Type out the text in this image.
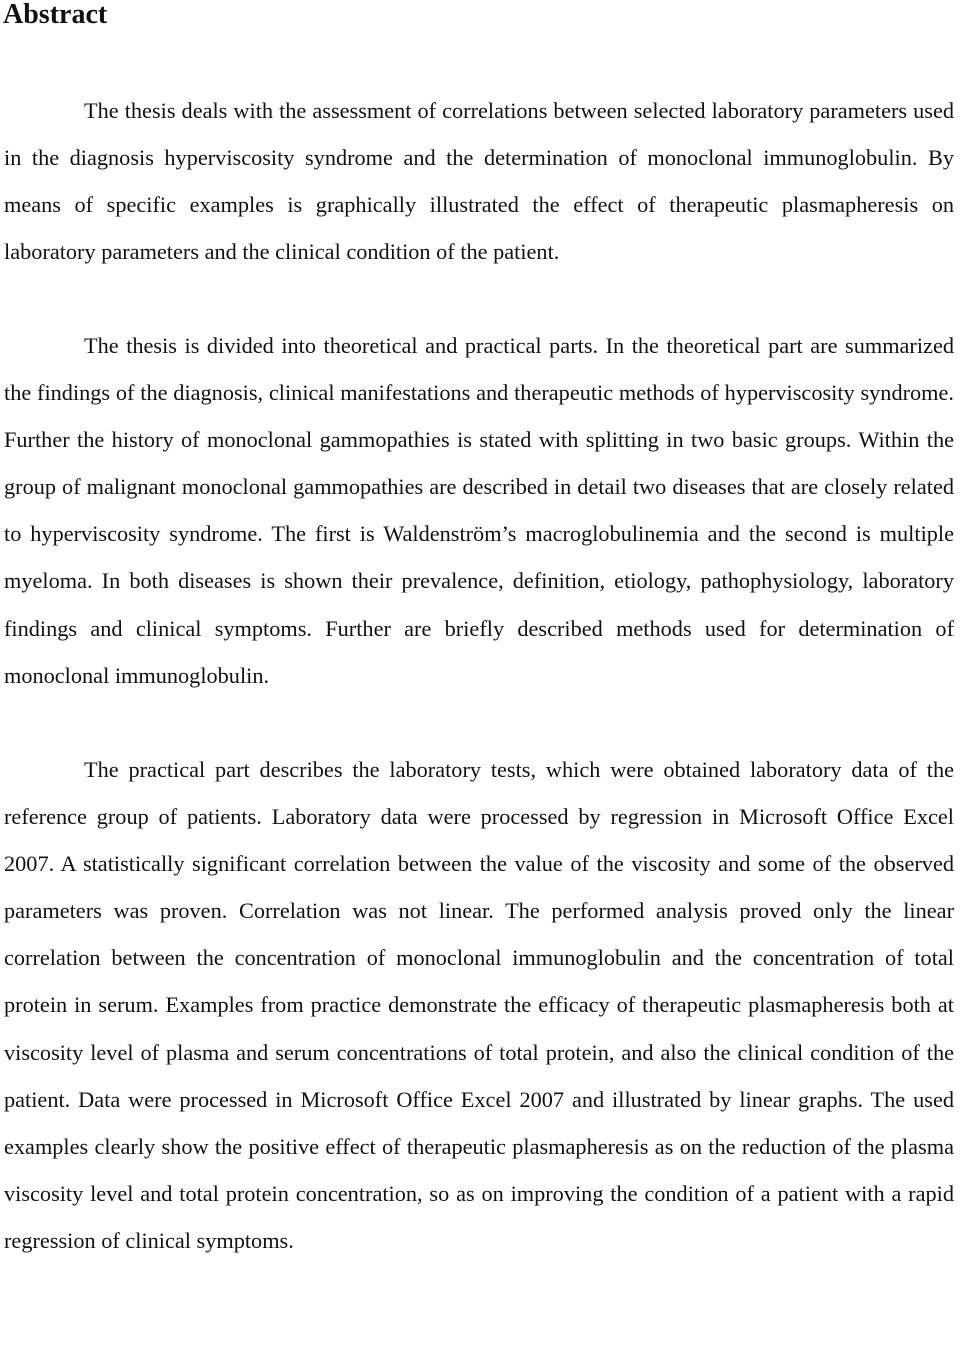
Abstract

The thesis deals with the assessment of correlations between selected laboratory parameters used in the diagnosis hyperviscosity syndrome and the determination of monoclonal immunoglobulin. By means of specific examples is graphically illustrated the effect of therapeutic plasmapheresis on laboratory parameters and the clinical condition of the patient.

The thesis is divided into theoretical and practical parts. In the theoretical part are summarized the findings of the diagnosis, clinical manifestations and therapeutic methods of hyperviscosity syndrome. Further the history of monoclonal gammopathies is stated with splitting in two basic groups. Within the group of malignant monoclonal gammopathies are described in detail two diseases that are closely related to hyperviscosity syndrome. The first is Waldenström’s macroglobulinemia and the second is multiple myeloma. In both diseases is shown their prevalence, definition, etiology, pathophysiology, laboratory findings and clinical symptoms. Further are briefly described methods used for determination of monoclonal immunoglobulin.

The practical part describes the laboratory tests, which were obtained laboratory data of the reference group of patients. Laboratory data were processed by regression in Microsoft Office Excel 2007. A statistically significant correlation between the value of the viscosity and some of the observed parameters was proven. Correlation was not linear. The performed analysis proved only the linear correlation between the concentration of monoclonal immunoglobulin and the concentration of total protein in serum. Examples from practice demonstrate the efficacy of therapeutic plasmapheresis both at viscosity level of plasma and serum concentrations of total protein, and also the clinical condition of the patient. Data were processed in Microsoft Office Excel 2007 and illustrated by linear graphs. The used examples clearly show the positive effect of therapeutic plasmapheresis as on the reduction of the plasma viscosity level and total protein concentration, so as on improving the condition of a patient with a rapid regression of clinical symptoms.
